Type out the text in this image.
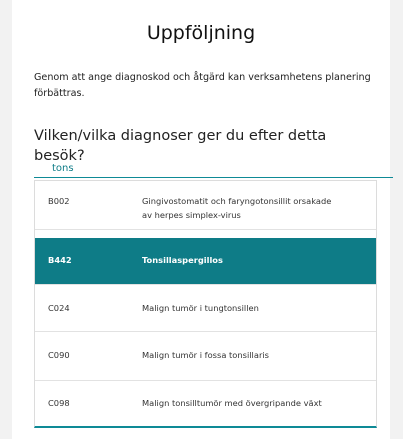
Uppföljning

Genom att ange diagnoskod och åtgärd kan verksamhetens planering förbättras.

Vilken/vilka diagnoser ger du efter detta besök?
tons
B002	Gingivostomatit och faryngotonsillit orsakade av herpes simplex-virus
B442	Tonsillaspergillos
C024	Malign tumör i tungtonsillen
C090	Malign tumör i fossa tonsillaris
C098	Malign tonsilltumör med övergripande växt
